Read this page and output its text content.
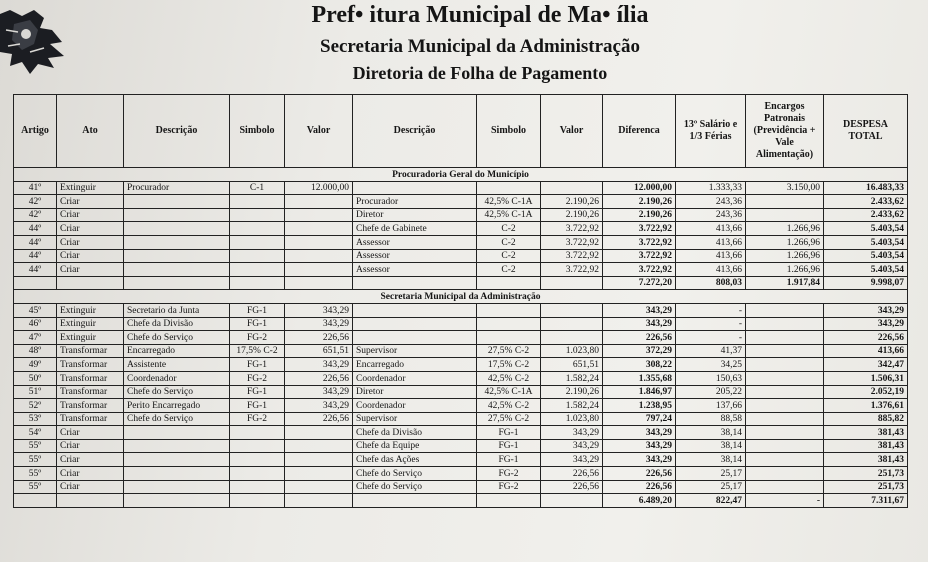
Pref• itura Municipal de Ma• ília
Secretaria Municipal da Administração
Diretoria de Folha de Pagamento
Artigo	Ato	Descrição	Simbolo	Valor	Descrição	Simbolo	Valor	Diferenca	13º Salário e 1/3 Férias	Encargos Patronais (Previdência + Vale Alimentação)	DESPESA TOTAL
Procuradoria Geral do Município											
41º	Extinguir	Procurador	C-1	12.000,00				12.000,00	1.333,33	3.150,00	16.483,33
42º	Criar				Procurador	42,5% C-1A	2.190,26	2.190,26	243,36		2.433,62
42º	Criar				Diretor	42,5% C-1A	2.190,26	2.190,26	243,36		2.433,62
44º	Criar				Chefe de Gabinete	C-2	3.722,92	3.722,92	413,66	1.266,96	5.403,54
44º	Criar				Assessor	C-2	3.722,92	3.722,92	413,66	1.266,96	5.403,54
44º	Criar				Assessor	C-2	3.722,92	3.722,92	413,66	1.266,96	5.403,54
44º	Criar				Assessor	C-2	3.722,92	3.722,92	413,66	1.266,96	5.403,54
								7.272,20	808,03	1.917,84	9.998,07
Secretaria Municipal da Administração											
45º	Extinguir	Secretario da Junta	FG-1	343,29				343,29	-		343,29
46º	Extinguir	Chefe da Divisão	FG-1	343,29				343,29	-		343,29
47º	Extinguir	Chefe do Serviço	FG-2	226,56				226,56	-		226,56
48º	Transformar	Encarregado	17,5% C-2	651,51	Supervisor	27,5% C-2	1.023,80	372,29	41,37		413,66
49º	Transformar	Assistente	FG-1	343,29	Encarregado	17,5% C-2	651,51	308,22	34,25		342,47
50º	Transformar	Coordenador	FG-2	226,56	Coordenador	42,5% C-2	1.582,24	1.355,68	150,63		1.506,31
51º	Transformar	Chefe do Serviço	FG-1	343,29	Diretor	42,5% C-1A	2.190,26	1.846,97	205,22		2.052,19
52º	Transformar	Perito Encarregado	FG-1	343,29	Coordenador	42,5% C-2	1.582,24	1.238,95	137,66		1.376,61
53º	Transformar	Chefe do Serviço	FG-2	226,56	Supervisor	27,5% C-2	1.023,80	797,24	88,58		885,82
54º	Criar				Chefe da Divisão	FG-1	343,29	343,29	38,14		381,43
55º	Criar				Chefe da Equipe	FG-1	343,29	343,29	38,14		381,43
55º	Criar				Chefe das Ações	FG-1	343,29	343,29	38,14		381,43
55º	Criar				Chefe do Serviço	FG-2	226,56	226,56	25,17		251,73
55º	Criar				Chefe do Serviço	FG-2	226,56	226,56	25,17		251,73
								6.489,20	822,47	-	7.311,67
